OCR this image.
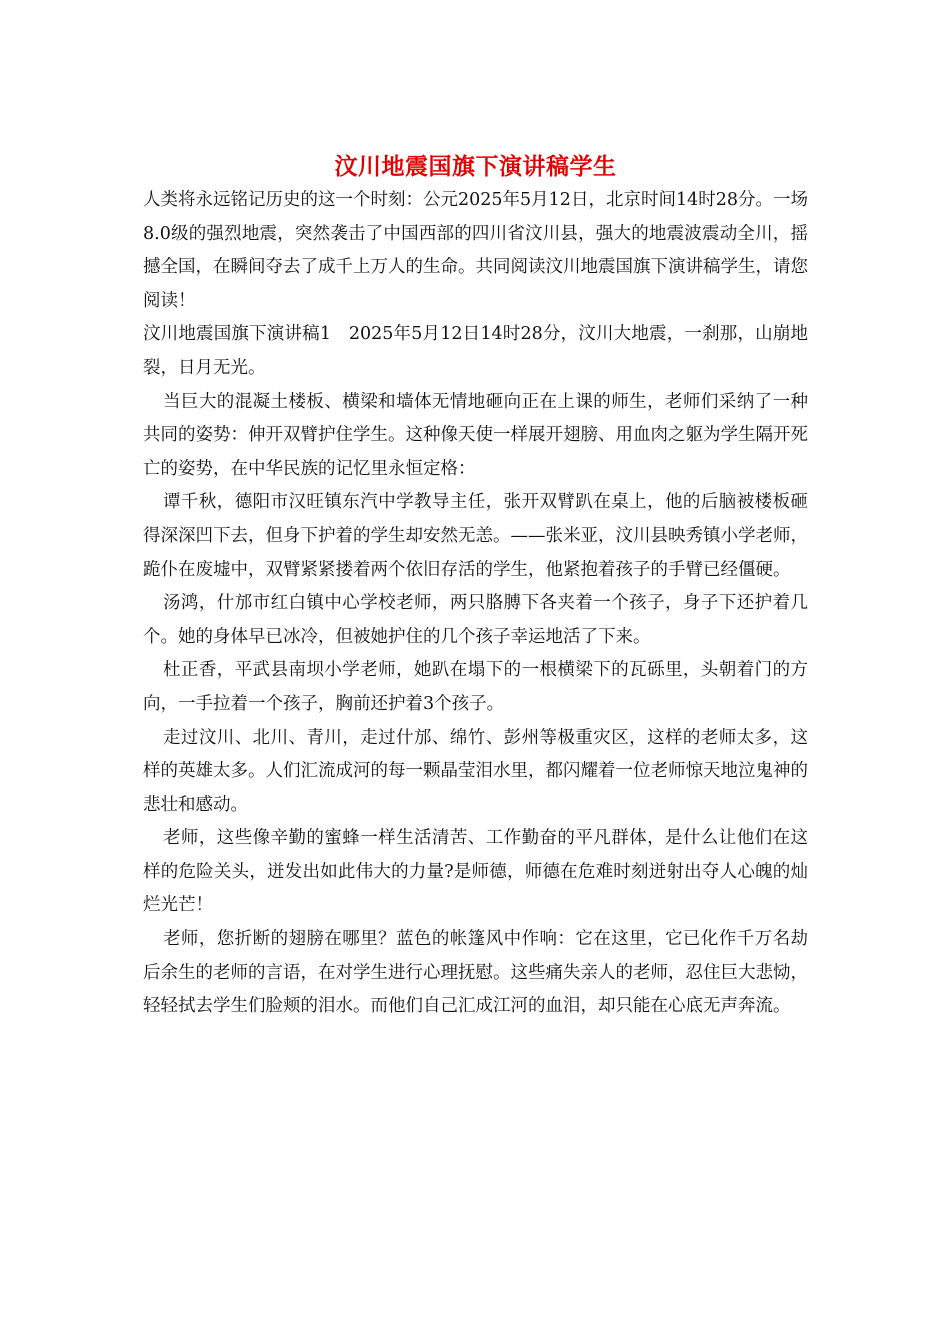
汶川地震国旗下演讲稿学生

人类将永远铭记历史的这一个时刻：公元2025年5月12日，北京时间14时28分。一场8.0级的强烈地震，突然袭击了中国西部的四川省汶川县，强大的地震波震动全川，摇撼全国，在瞬间夺去了成千上万人的生命。共同阅读汶川地震国旗下演讲稿学生，请您阅读！

汶川地震国旗下演讲稿1　2025年5月12日14时28分，汶川大地震，一刹那，山崩地裂，日月无光。

当巨大的混凝土楼板、横梁和墙体无情地砸向正在上课的师生，老师们采纳了一种共同的姿势：伸开双臂护住学生。这种像天使一样展开翅膀、用血肉之躯为学生隔开死亡的姿势，在中华民族的记忆里永恒定格：

谭千秋，德阳市汉旺镇东汽中学教导主任，张开双臂趴在桌上，他的后脑被楼板砸得深深凹下去，但身下护着的学生却安然无恙。——张米亚，汶川县映秀镇小学老师，跪仆在废墟中，双臂紧紧搂着两个依旧存活的学生，他紧抱着孩子的手臂已经僵硬。

汤鸿，什邡市红白镇中心学校老师，两只胳膊下各夹着一个孩子，身子下还护着几个。她的身体早已冰冷，但被她护住的几个孩子幸运地活了下来。

杜正香，平武县南坝小学老师，她趴在塌下的一根横梁下的瓦砾里，头朝着门的方向，一手拉着一个孩子，胸前还护着3个孩子。

走过汶川、北川、青川，走过什邡、绵竹、彭州等极重灾区，这样的老师太多，这样的英雄太多。人们汇流成河的每一颗晶莹泪水里，都闪耀着一位老师惊天地泣鬼神的悲壮和感动。

老师，这些像辛勤的蜜蜂一样生活清苦、工作勤奋的平凡群体，是什么让他们在这样的危险关头，迸发出如此伟大的力量?是师德，师德在危难时刻迸射出夺人心魄的灿烂光芒！

老师，您折断的翅膀在哪里？蓝色的帐篷风中作响：它在这里，它已化作千万名劫后余生的老师的言语，在对学生进行心理抚慰。这些痛失亲人的老师，忍住巨大悲恸，轻轻拭去学生们脸颊的泪水。而他们自己汇成江河的血泪，却只能在心底无声奔流。
